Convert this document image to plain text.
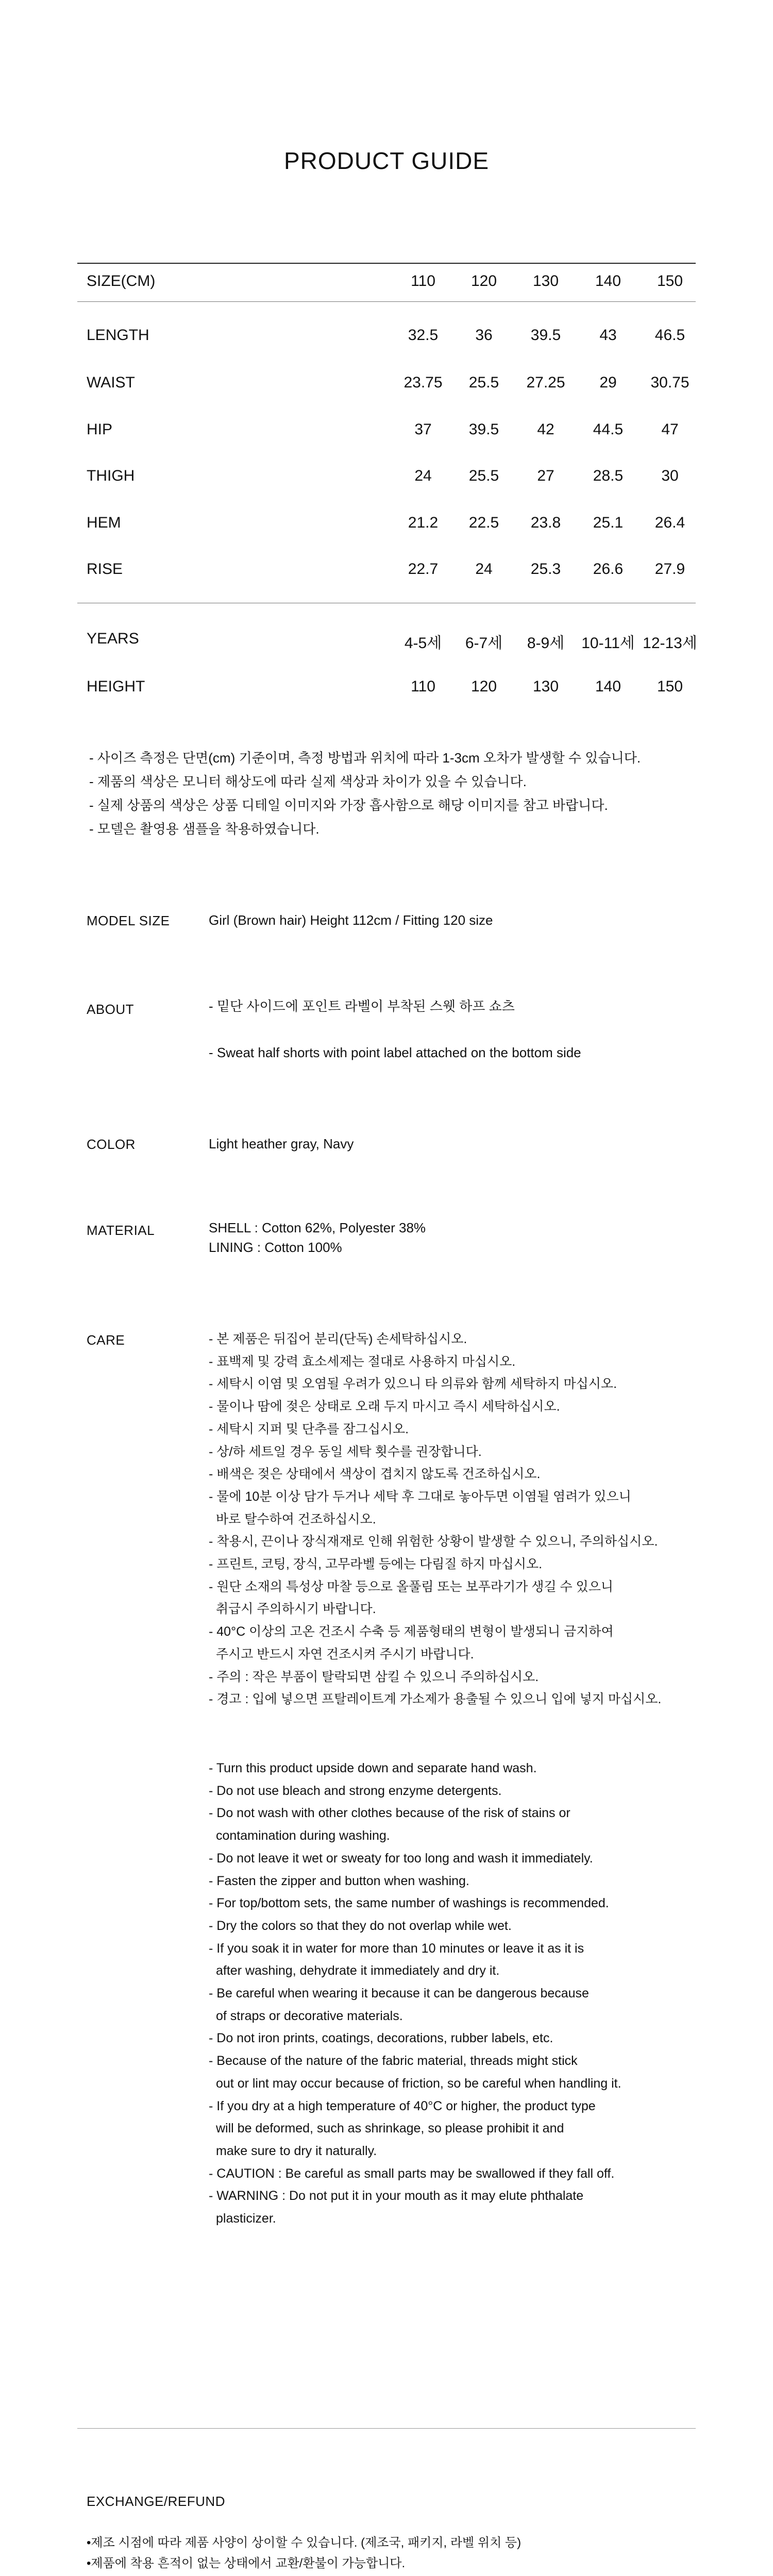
PRODUCT GUIDE
SIZE(CM)	110	120	130	140	150
LENGTH	32.5	36	39.5	43	46.5
WAIST	23.75	25.5	27.25	29	30.75
HIP	37	39.5	42	44.5	47
THIGH	24	25.5	27	28.5	30
HEM	21.2	22.5	23.8	25.1	26.4
RISE	22.7	24	25.3	26.6	27.9
YEARS	4-5세	6-7세	8-9세	10-11세 12-13세
HEIGHT	110	120	130	140	150
- 사이즈 측정은 단면(cm) 기준이며, 측정 방법과 위치에 따라 1-3cm 오차가 발생할 수 있습니다.
- 제품의 색상은 모니터 해상도에 따라 실제 색상과 차이가 있을 수 있습니다.
- 실제 상품의 색상은 상품 디테일 이미지와 가장 흡사함으로 해당 이미지를 참고 바랍니다.
- 모델은 촬영용 샘플을 착용하였습니다.
MODEL SIZE	Girl (Brown hair) Height 112cm / Fitting 120 size
ABOUT	- 밑단 사이드에 포인트 라벨이 부착된 스웻 하프 쇼츠
- Sweat half shorts with point label attached on the bottom side
COLOR	Light heather gray, Navy
MATERIAL	SHELL : Cotton 62%, Polyester 38%
LINING : Cotton 100%
CARE	- 본 제품은 뒤집어 분리(단독) 손세탁하십시오.
- 표백제 및 강력 효소세제는 절대로 사용하지 마십시오.
- 세탁시 이염 및 오염될 우려가 있으니 타 의류와 함께 세탁하지 마십시오.
- 물이나 땀에 젖은 상태로 오래 두지 마시고 즉시 세탁하십시오.
- 세탁시 지퍼 및 단추를 잠그십시오.
- 상/하 세트일 경우 동일 세탁 횟수를 권장합니다.
- 배색은 젖은 상태에서 색상이 겹치지 않도록 건조하십시오.
- 물에 10분 이상 담가 두거나 세탁 후 그대로 놓아두면 이염될 염려가 있으니
바로 탈수하여 건조하십시오.
- 착용시, 끈이나 장식재재로 인해 위험한 상황이 발생할 수 있으니, 주의하십시오.
- 프린트, 코팅, 장식, 고무라벨 등에는 다림질 하지 마십시오.
- 원단 소재의 특성상 마찰 등으로 올풀림 또는 보푸라기가 생길 수 있으니
취급시 주의하시기 바랍니다.
- 40°C 이상의 고온 건조시 수축 등 제품형태의 변형이 발생되니 금지하여
주시고 반드시 자연 건조시켜 주시기 바랍니다.
- 주의 : 작은 부품이 탈락되면 삼킬 수 있으니 주의하십시오.
- 경고 : 입에 넣으면 프탈레이트계 가소제가 용출될 수 있으니 입에 넣지 마십시오.
- Turn this product upside down and separate hand wash.
- Do not use bleach and strong enzyme detergents.
- Do not wash with other clothes because of the risk of stains or
contamination during washing.
- Do not leave it wet or sweaty for too long and wash it immediately.
- Fasten the zipper and button when washing.
- For top/bottom sets, the same number of washings is recommended.
- Dry the colors so that they do not overlap while wet.
- If you soak it in water for more than 10 minutes or leave it as it is
after washing, dehydrate it immediately and dry it.
- Be careful when wearing it because it can be dangerous because
of straps or decorative materials.
- Do not iron prints, coatings, decorations, rubber labels, etc.
- Because of the nature of the fabric material, threads might stick
out or lint may occur because of friction, so be careful when handling it.
- If you dry at a high temperature of 40°C or higher, the product type
will be deformed, such as shrinkage, so please prohibit it and
make sure to dry it naturally.
- CAUTION : Be careful as small parts may be swallowed if they fall off.
- WARNING : Do not put it in your mouth as it may elute phthalate
plasticizer.
EXCHANGE/REFUND
•제조 시점에 따라 제품 사양이 상이할 수 있습니다. (제조국, 패키지, 라벨 위치 등)
•제품에 착용 흔적이 없는 상태에서 교환/환불이 가능합니다.
